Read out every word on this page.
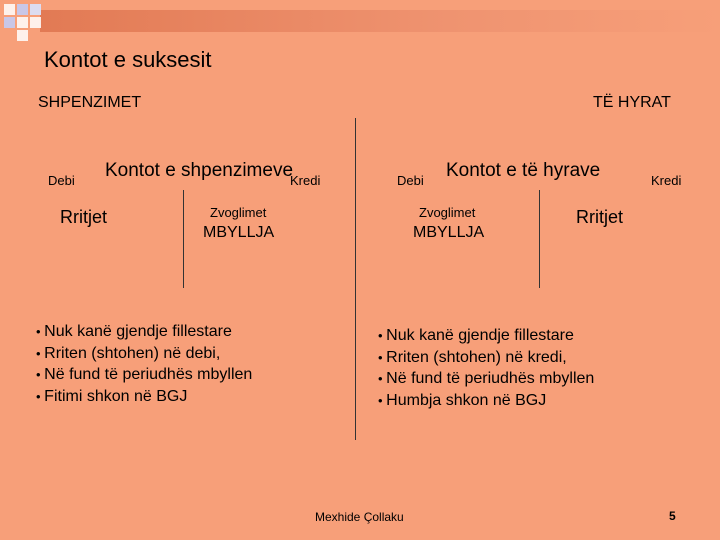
Kontot e suksesit
SHPENZIMET	TË HYRAT
Debi Kontot e shpenzimeve
Kredi
Rritjet	Zvoglimet
MBYLLJA
Debi Kontot e të hyrave	Kredi
Zvoglimet
MBYLLJA
Rritjet
• Nuk kanë gjendje fillestare
• Rriten (shtohen) në debi,
• Në fund të periudhës mbyllen
• Fitimi shkon në BGJ
• Nuk kanë gjendje fillestare
• Rriten (shtohen) në kredi,
• Në fund të periudhës mbyllen
• Humbja shkon në BGJ
Mexhide Çollaku	5
